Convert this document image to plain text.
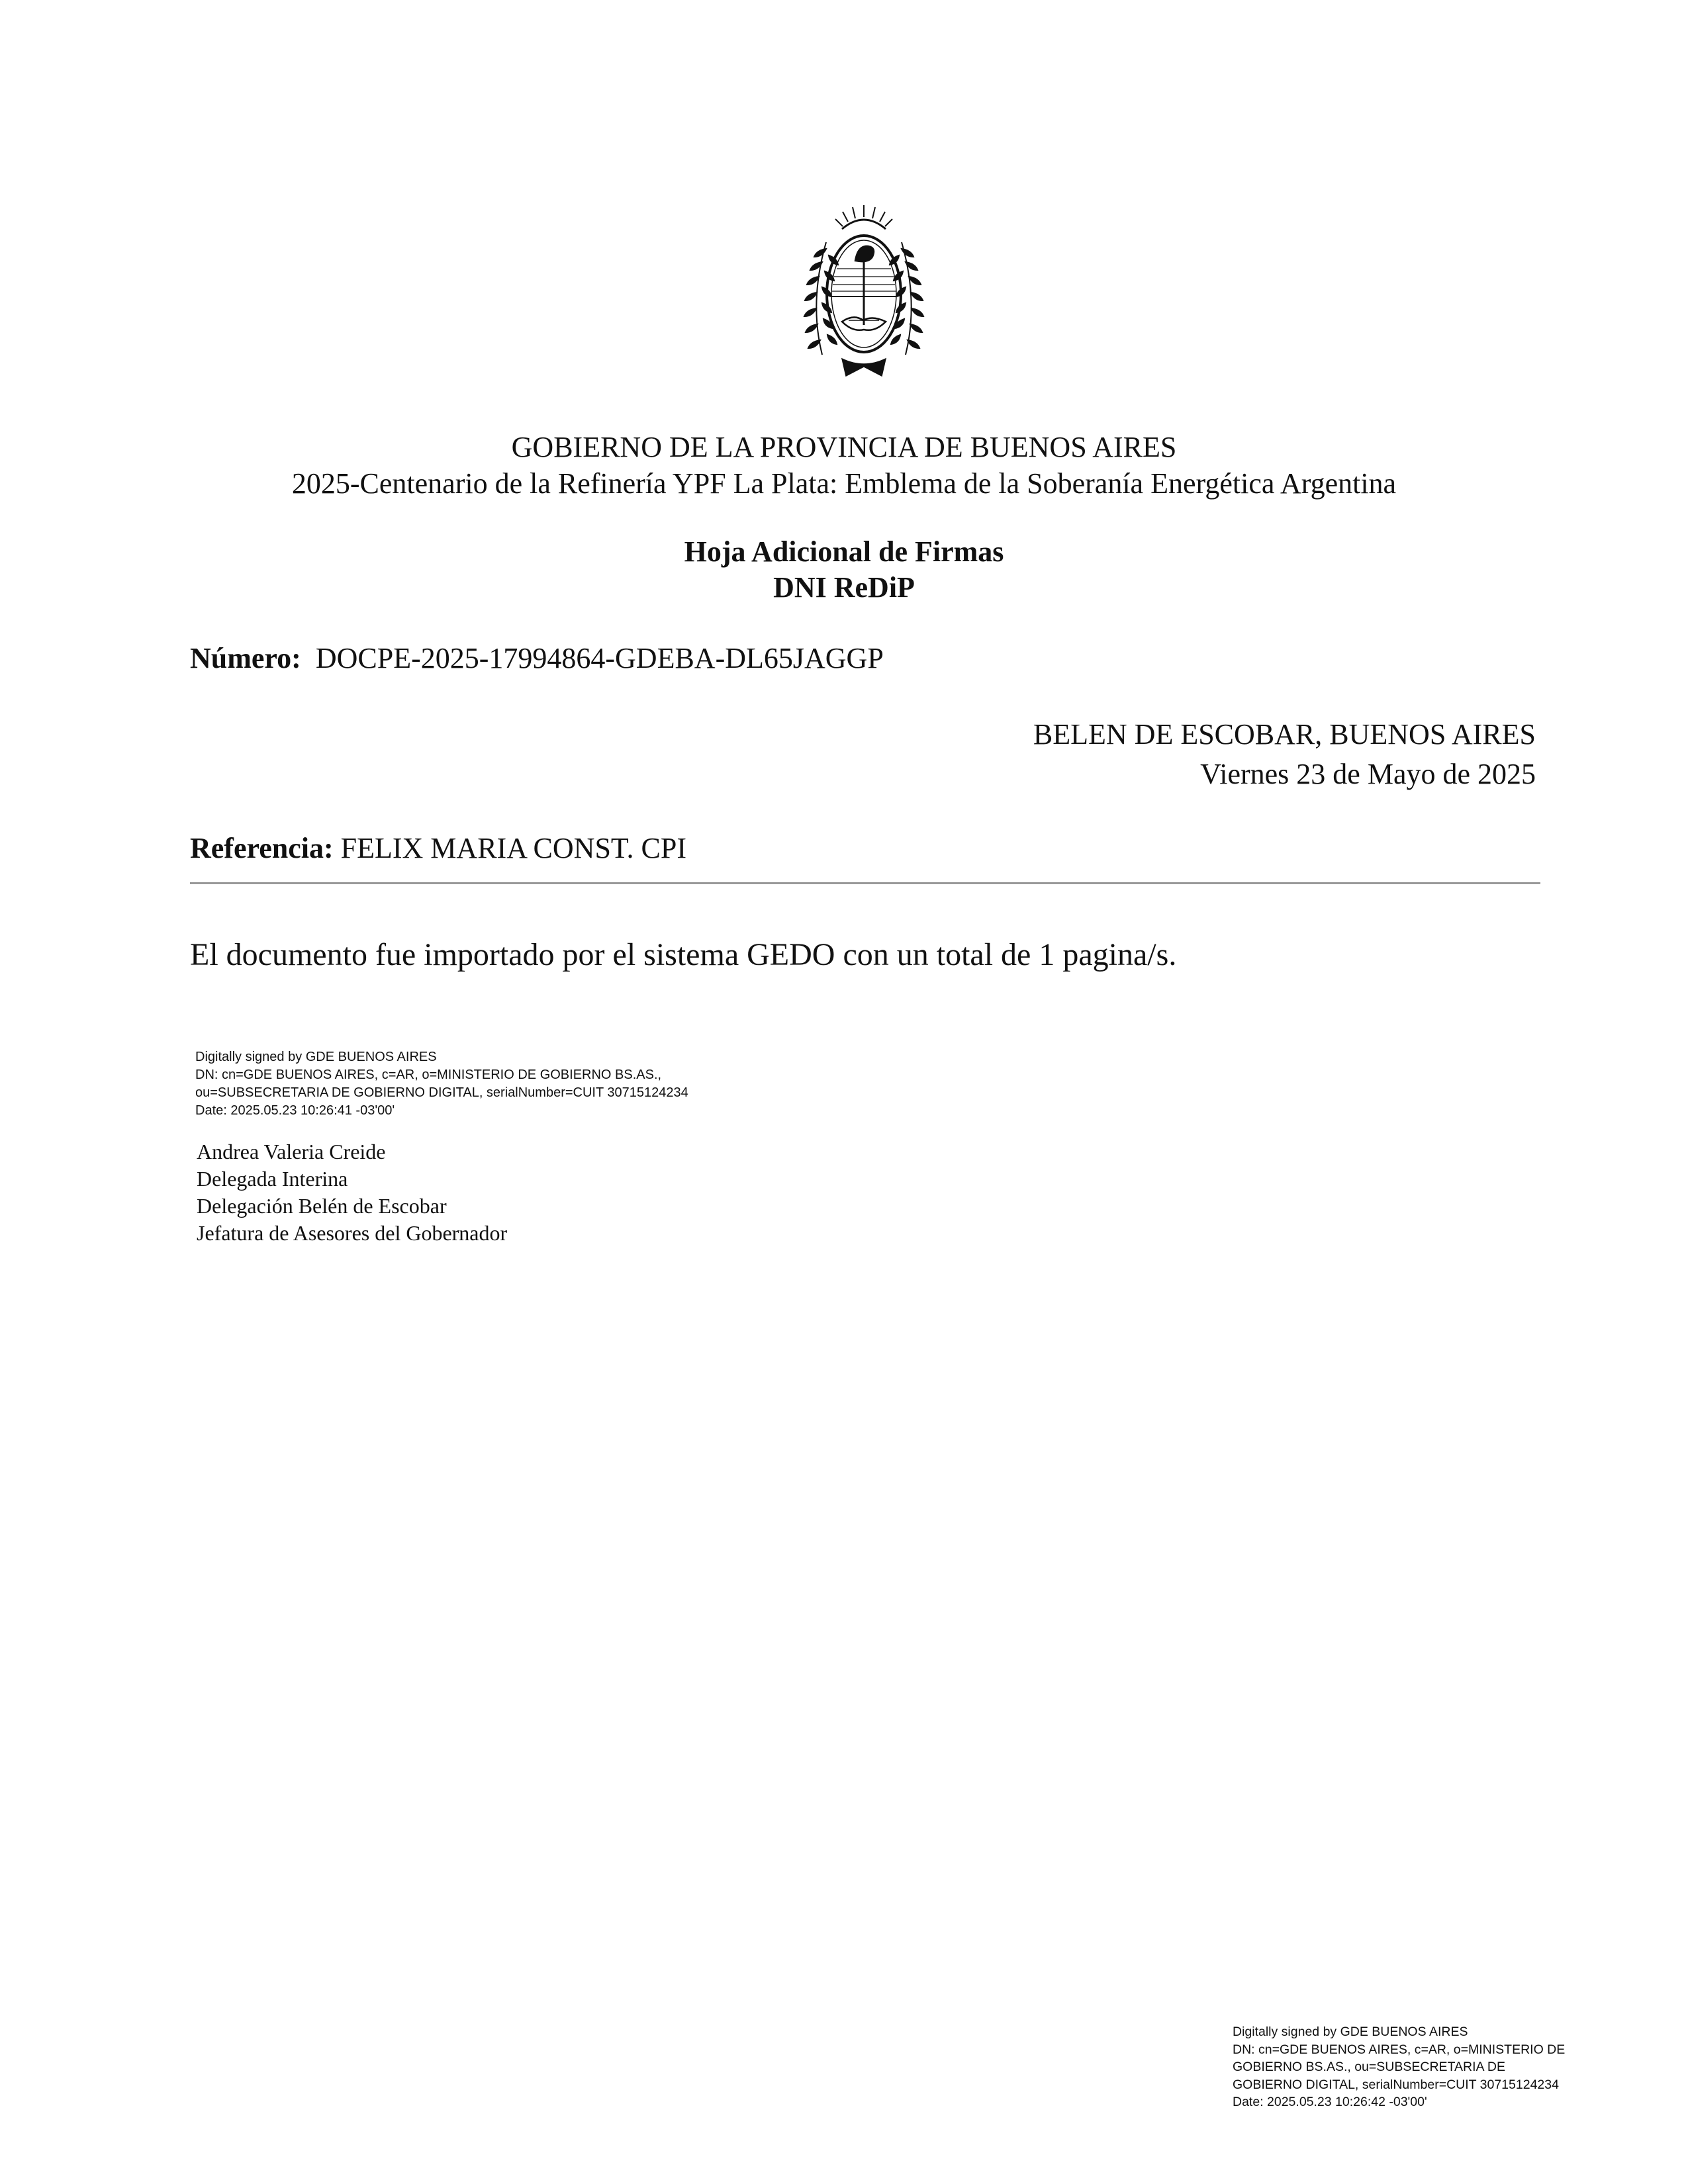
GOBIERNO DE LA PROVINCIA DE BUENOS AIRES
2025-Centenario de la Refinería YPF La Plata: Emblema de la Soberanía Energética Argentina
Hoja Adicional de Firmas
DNI ReDiP
Número: DOCPE-2025-17994864-GDEBA-DL65JAGGP
BELEN DE ESCOBAR, BUENOS AIRES
Viernes 23 de Mayo de 2025
Referencia: FELIX MARIA CONST. CPI
El documento fue importado por el sistema GEDO con un total de 1 pagina/s.
Digitally signed by GDE BUENOS AIRES
DN: cn=GDE BUENOS AIRES, c=AR, o=MINISTERIO DE GOBIERNO BS.AS.,
ou=SUBSECRETARIA DE GOBIERNO DIGITAL, serialNumber=CUIT 30715124234
Date: 2025.05.23 10:26:41 -03'00'
Andrea Valeria Creide
Delegada Interina
Delegación Belén de Escobar
Jefatura de Asesores del Gobernador
Digitally signed by GDE BUENOS AIRES
DN: cn=GDE BUENOS AIRES, c=AR, o=MINISTERIO DE
GOBIERNO BS.AS., ou=SUBSECRETARIA DE
GOBIERNO DIGITAL, serialNumber=CUIT 30715124234
Date: 2025.05.23 10:26:42 -03'00'
